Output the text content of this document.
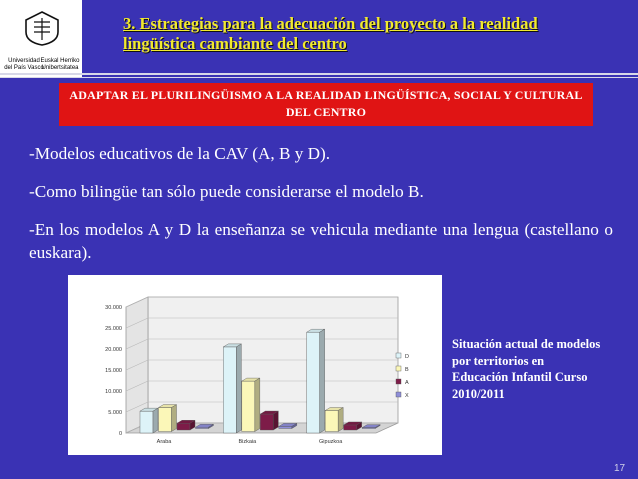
Universidad del País Vasco
Euskal Herriko Unibertsitatea
3. Estrategias para la adecuación del proyecto a la realidad lingüística cambiante del centro
ADAPTAR EL PLURILINGÜISMO A LA REALIDAD LINGÜÍSTICA, SOCIAL Y CULTURAL DEL CENTRO
-Modelos educativos de la CAV (A, B y D).
-Como bilingüe tan sólo puede considerarse el modelo B.
-En los modelos A y D la enseñanza se vehicula mediante una lengua (castellano o euskara).
0
5.000
10.000
15.000
20.000
25.000
30.000
Araba	Bizkaia	Gipuzkoa
D
B
A
X
Situación actual de modelos por territorios en Educación Infantil Curso 2010/2011
17
